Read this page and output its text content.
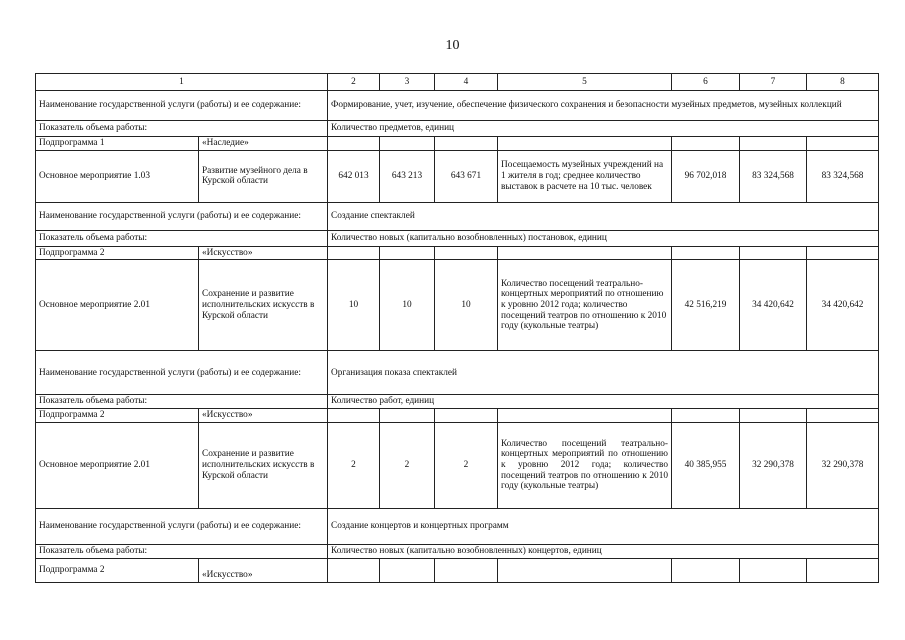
10
1		2	3	4	5	6	7	8
Наименование государственной услуги (работы) и ее содержание:		Формирование, учет, изучение, обеспечение физического сохранения и безопасности музейных предметов, музейных коллекций						
Показатель объема работы:		Количество предметов, единиц						
Подпрограмма 1	«Наследие»							
Основное мероприятие 1.03	Развитие музейного дела в Курской области	642 013	643 213	643 671	Посещаемость музейных учреждений на 1 жителя в год; среднее количество выставок в расчете на 10 тыс. человек	96 702,018	83 324,568	83 324,568
Наименование государственной услуги (работы) и ее содержание:		Создание спектаклей						
Показатель объема работы:		Количество новых (капитально возобновленных) постановок, единиц						
Подпрограмма 2	«Искусство»							
Основное мероприятие 2.01	Сохранение и развитие исполнительских искусств в Курской области	10	10	10	Количество посещений театрально-концертных мероприятий по отношению к уровню 2012 года; количество посещений театров по отношению к 2010 году (кукольные театры)	42 516,219	34 420,642	34 420,642
Наименование государственной услуги (работы) и ее содержание:		Организация показа спектаклей						
Показатель объема работы:		Количество работ, единиц						
Подпрограмма 2	«Искусство»							
Основное мероприятие 2.01	Сохранение и развитие исполнительских искусств в Курской области	2	2	2	Количество посещений театрально-концертных мероприятий по отношению к уровню 2012 года; количество посещений театров по отношению к 2010 году (кукольные театры)	40 385,955	32 290,378	32 290,378
Наименование государственной услуги (работы) и ее содержание:		Создание концертов и концертных программ						
Показатель объема работы:		Количество новых (капитально возобновленных) концертов, единиц						
Подпрограмма 2	«Искусство»							
